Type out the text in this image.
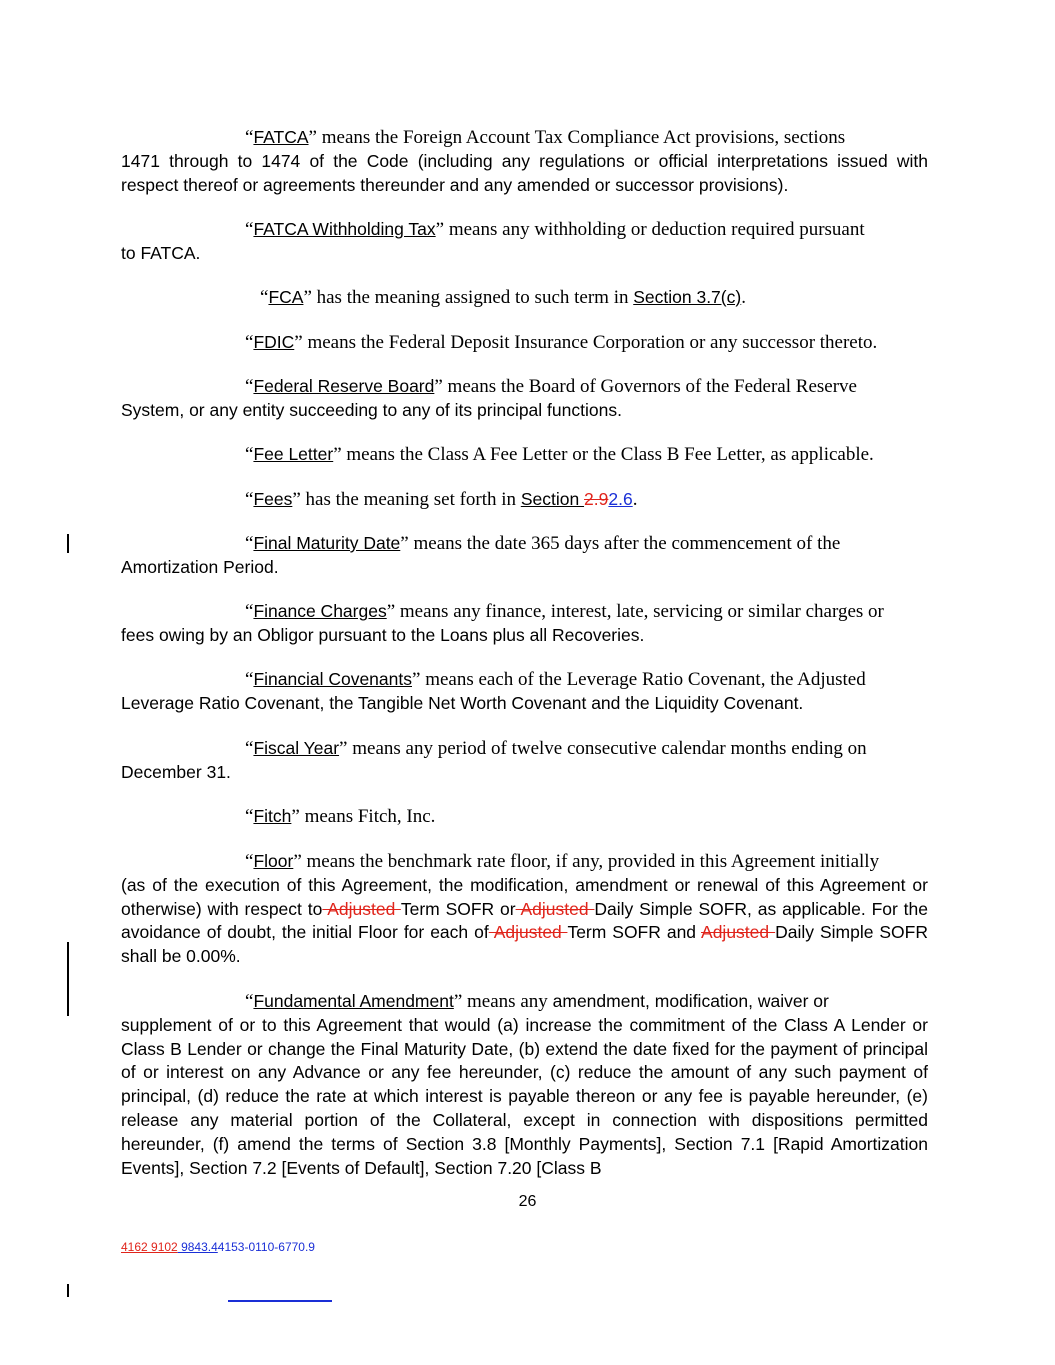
“FATCA” means the Foreign Account Tax Compliance Act provisions, sections
1471 through to 1474 of the Code (including any regulations or official interpretations issued with respect thereof or agreements thereunder and any amended or successor provisions).

“FATCA Withholding Tax” means any withholding or deduction required pursuant
to FATCA.

“FCA” has the meaning assigned to such term in Section 3.7(c).

“FDIC” means the Federal Deposit Insurance Corporation or any successor thereto.

“Federal Reserve Board” means the Board of Governors of the Federal Reserve
System, or any entity succeeding to any of its principal functions.

“Fee Letter” means the Class A Fee Letter or the Class B Fee Letter, as applicable.

“Fees” has the meaning set forth in Section 2.92.6.

“Final Maturity Date” means the date 365 days after the commencement of the
Amortization Period.

“Finance Charges” means any finance, interest, late, servicing or similar charges or
fees owing by an Obligor pursuant to the Loans plus all Recoveries.

“Financial Covenants” means each of the Leverage Ratio Covenant, the Adjusted
Leverage Ratio Covenant, the Tangible Net Worth Covenant and the Liquidity Covenant.

“Fiscal Year” means any period of twelve consecutive calendar months ending on
December 31.

“Fitch” means Fitch, Inc.

“Floor” means the benchmark rate floor, if any, provided in this Agreement initially
(as of the execution of this Agreement, the modification, amendment or renewal of this Agreement or otherwise) with respect to Adjusted Term SOFR or Adjusted Daily Simple SOFR, as applicable. For the avoidance of doubt, the initial Floor for each of Adjusted Term SOFR and Adjusted Daily Simple SOFR shall be 0.00%.

“Fundamental Amendment” means any amendment, modification, waiver or
supplement of or to this Agreement that would (a) increase the commitment of the Class A Lender or Class B Lender or change the Final Maturity Date, (b) extend the date fixed for the payment of principal of or interest on any Advance or any fee hereunder, (c) reduce the amount of any such payment of principal, (d) reduce the rate at which interest is payable thereon or any fee is payable hereunder, (e) release any material portion of the Collateral, except in connection with dispositions permitted hereunder, (f) amend the terms of Section 3.8 [Monthly Payments], Section 7.1 [Rapid Amortization Events], Section 7.2 [Events of Default], Section 7.20 [Class B

26
4162 9102 9843.44153-0110-6770.9
